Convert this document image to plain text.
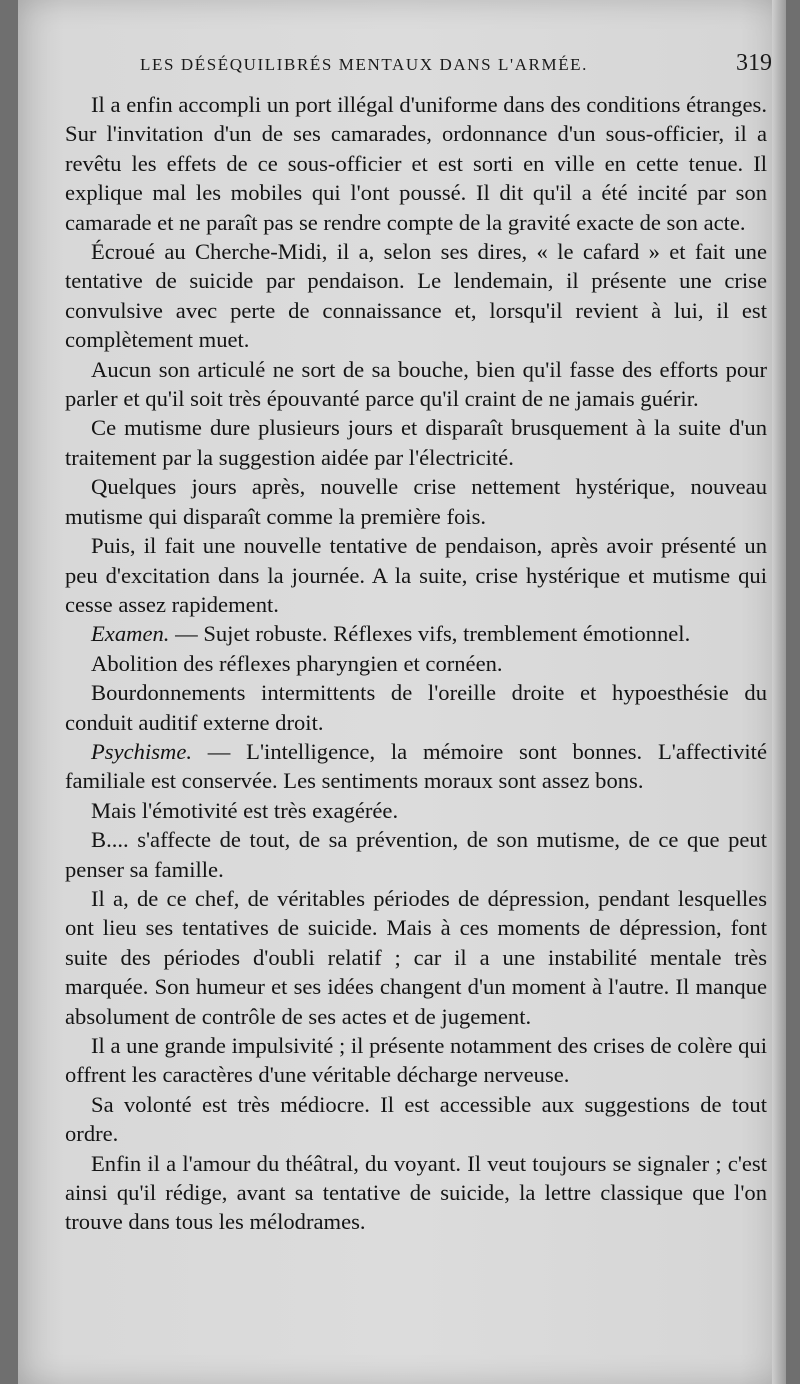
LES DÉSÉQUILIBRÉS MENTAUX DANS L'ARMÉE.	319

Il a enfin accompli un port illégal d'uniforme dans des conditions étranges. Sur l'invitation d'un de ses camarades, ordonnance d'un sous-officier, il a revêtu les effets de ce sous-officier et est sorti en ville en cette tenue. Il explique mal les mobiles qui l'ont poussé. Il dit qu'il a été incité par son camarade et ne paraît pas se rendre compte de la gravité exacte de son acte.

Écroué au Cherche-Midi, il a, selon ses dires, « le cafard » et fait une tentative de suicide par pendaison. Le lendemain, il présente une crise convulsive avec perte de connaissance et, lorsqu'il revient à lui, il est complètement muet.

Aucun son articulé ne sort de sa bouche, bien qu'il fasse des efforts pour parler et qu'il soit très épouvanté parce qu'il craint de ne jamais guérir.

Ce mutisme dure plusieurs jours et disparaît brusquement à la suite d'un traitement par la suggestion aidée par l'électricité.

Quelques jours après, nouvelle crise nettement hystérique, nouveau mutisme qui disparaît comme la première fois.

Puis, il fait une nouvelle tentative de pendaison, après avoir présenté un peu d'excitation dans la journée. A la suite, crise hystérique et mutisme qui cesse assez rapidement.

Examen. — Sujet robuste. Réflexes vifs, tremblement émotionnel.

Abolition des réflexes pharyngien et cornéen.

Bourdonnements intermittents de l'oreille droite et hypoesthésie du conduit auditif externe droit.

Psychisme. — L'intelligence, la mémoire sont bonnes. L'affectivité familiale est conservée. Les sentiments moraux sont assez bons.

Mais l'émotivité est très exagérée.

B.... s'affecte de tout, de sa prévention, de son mutisme, de ce que peut penser sa famille.

Il a, de ce chef, de véritables périodes de dépression, pendant lesquelles ont lieu ses tentatives de suicide. Mais à ces moments de dépression, font suite des périodes d'oubli relatif ; car il a une instabilité mentale très marquée. Son humeur et ses idées changent d'un moment à l'autre. Il manque absolument de contrôle de ses actes et de jugement.

Il a une grande impulsivité ; il présente notamment des crises de colère qui offrent les caractères d'une véritable décharge nerveuse.

Sa volonté est très médiocre. Il est accessible aux suggestions de tout ordre.

Enfin il a l'amour du théâtral, du voyant. Il veut toujours se signaler ; c'est ainsi qu'il rédige, avant sa tentative de suicide, la lettre classique que l'on trouve dans tous les mélodrames.
